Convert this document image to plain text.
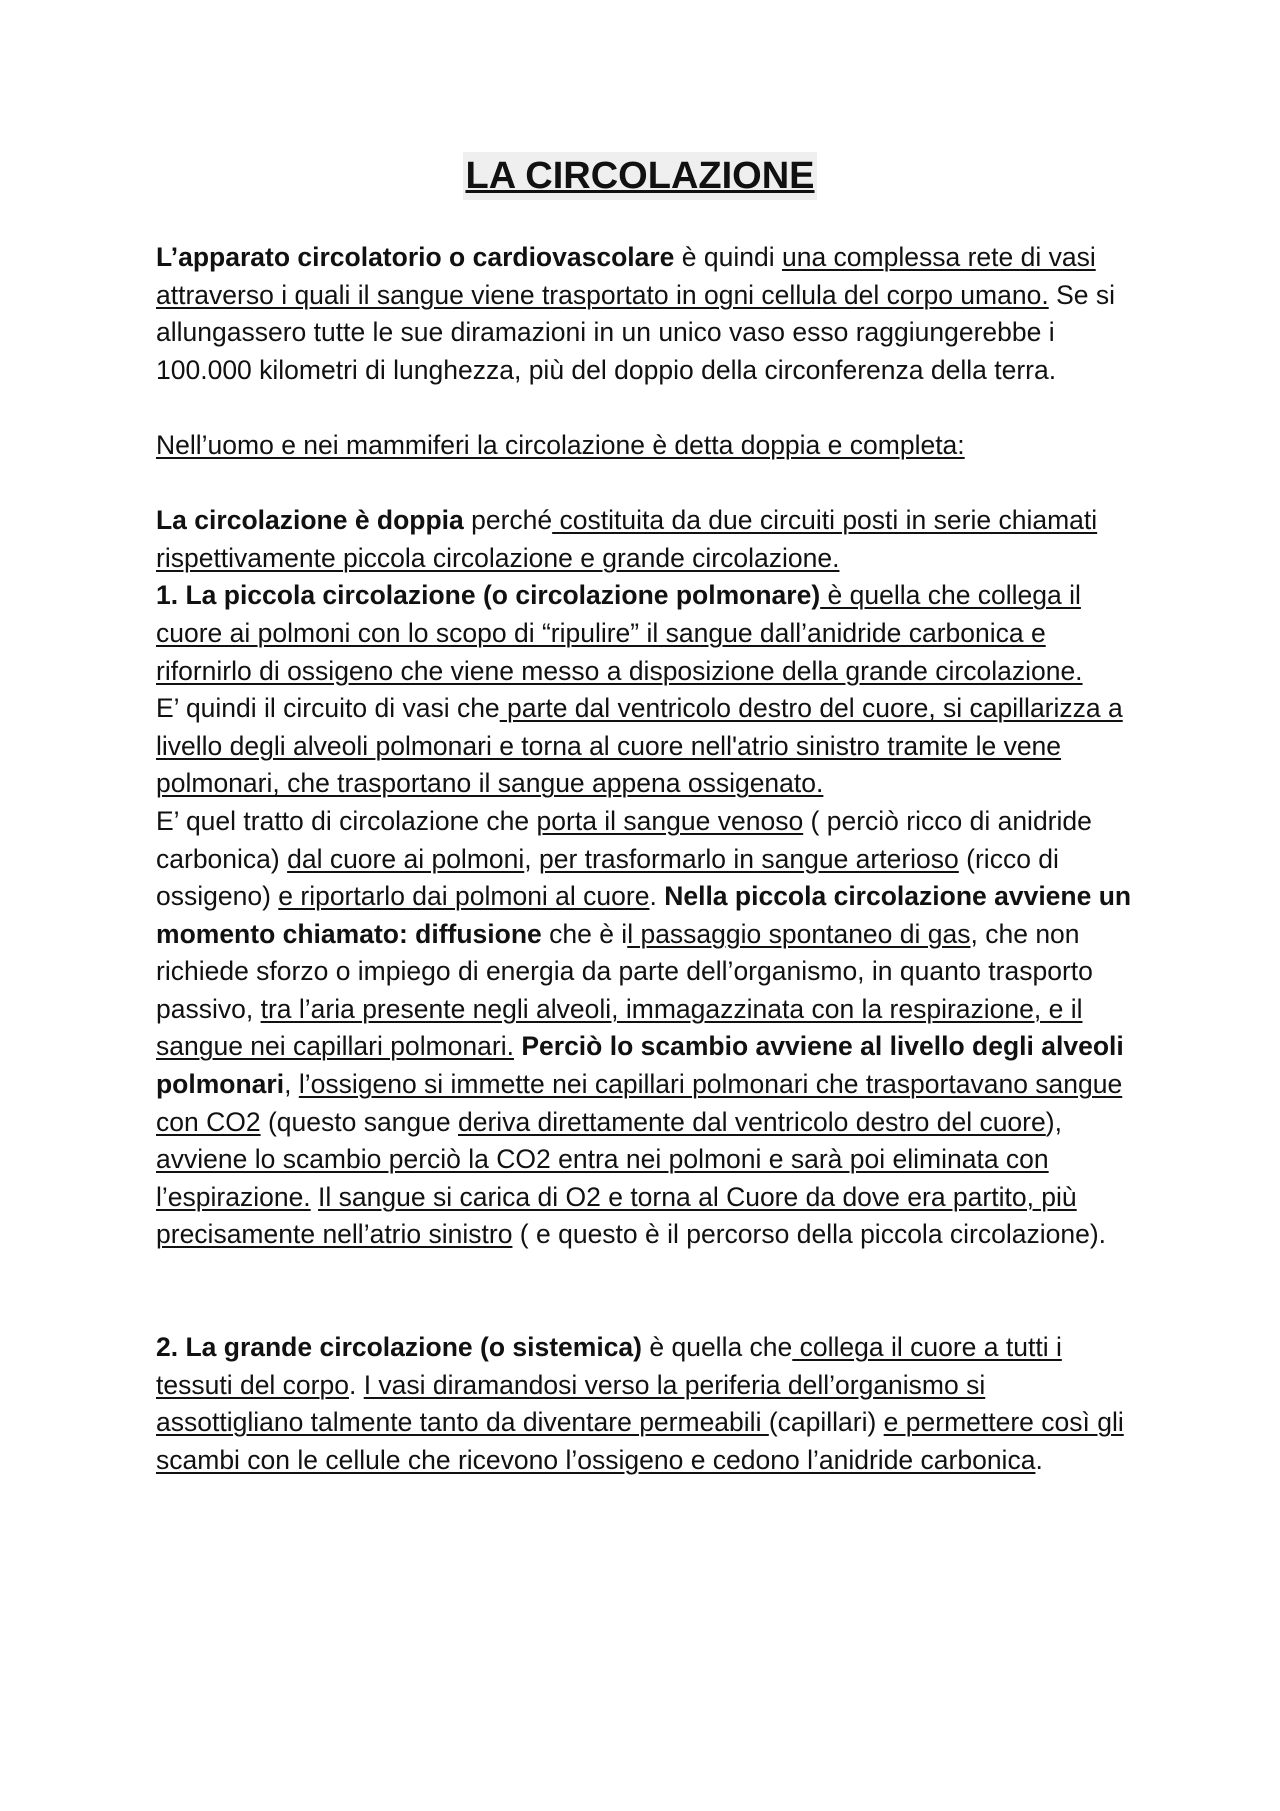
LA CIRCOLAZIONE

L’apparato circolatorio o cardiovascolare è quindi una complessa rete di vasi attraverso i quali il sangue viene trasportato in ogni cellula del corpo umano. Se si allungassero tutte le sue diramazioni in un unico vaso esso raggiungerebbe i 100.000 kilometri di lunghezza, più del doppio della circonferenza della terra.

Nell’uomo e nei mammiferi la circolazione è detta doppia e completa:

La circolazione è doppia perché costituita da due circuiti posti in serie chiamati rispettivamente piccola circolazione e grande circolazione.

1. La piccola circolazione (o circolazione polmonare) è quella che collega il cuore ai polmoni con lo scopo di “ripulire” il sangue dall’anidride carbonica e rifornirlo di ossigeno che viene messo a disposizione della grande circolazione.

E’ quindi il circuito di vasi che parte dal ventricolo destro del cuore, si capillarizza a livello degli alveoli polmonari e torna al cuore nell'atrio sinistro tramite le vene polmonari, che trasportano il sangue appena ossigenato.

E’ quel tratto di circolazione che porta il sangue venoso ( perciò ricco di anidride carbonica) dal cuore ai polmoni, per trasformarlo in sangue arterioso (ricco di ossigeno) e riportarlo dai polmoni al cuore. Nella piccola circolazione avviene un momento chiamato: diffusione che è il passaggio spontaneo di gas, che non richiede sforzo o impiego di energia da parte dell’organismo, in quanto trasporto passivo, tra l’aria presente negli alveoli, immagazzinata con la respirazione, e il sangue nei capillari polmonari. Perciò lo scambio avviene al livello degli alveoli polmonari, l’ossigeno si immette nei capillari polmonari che trasportavano sangue con CO2 (questo sangue deriva direttamente dal ventricolo destro del cuore), avviene lo scambio perciò la CO2 entra nei polmoni e sarà poi eliminata con l’espirazione. Il sangue si carica di O2 e torna al Cuore da dove era partito, più precisamente nell’atrio sinistro ( e questo è il percorso della piccola circolazione).

2. La grande circolazione (o sistemica) è quella che collega il cuore a tutti i tessuti del corpo. I vasi diramandosi verso la periferia dell’organismo si assottigliano talmente tanto da diventare permeabili (capillari) e permettere così gli scambi con le cellule che ricevono l’ossigeno e cedono l’anidride carbonica.
